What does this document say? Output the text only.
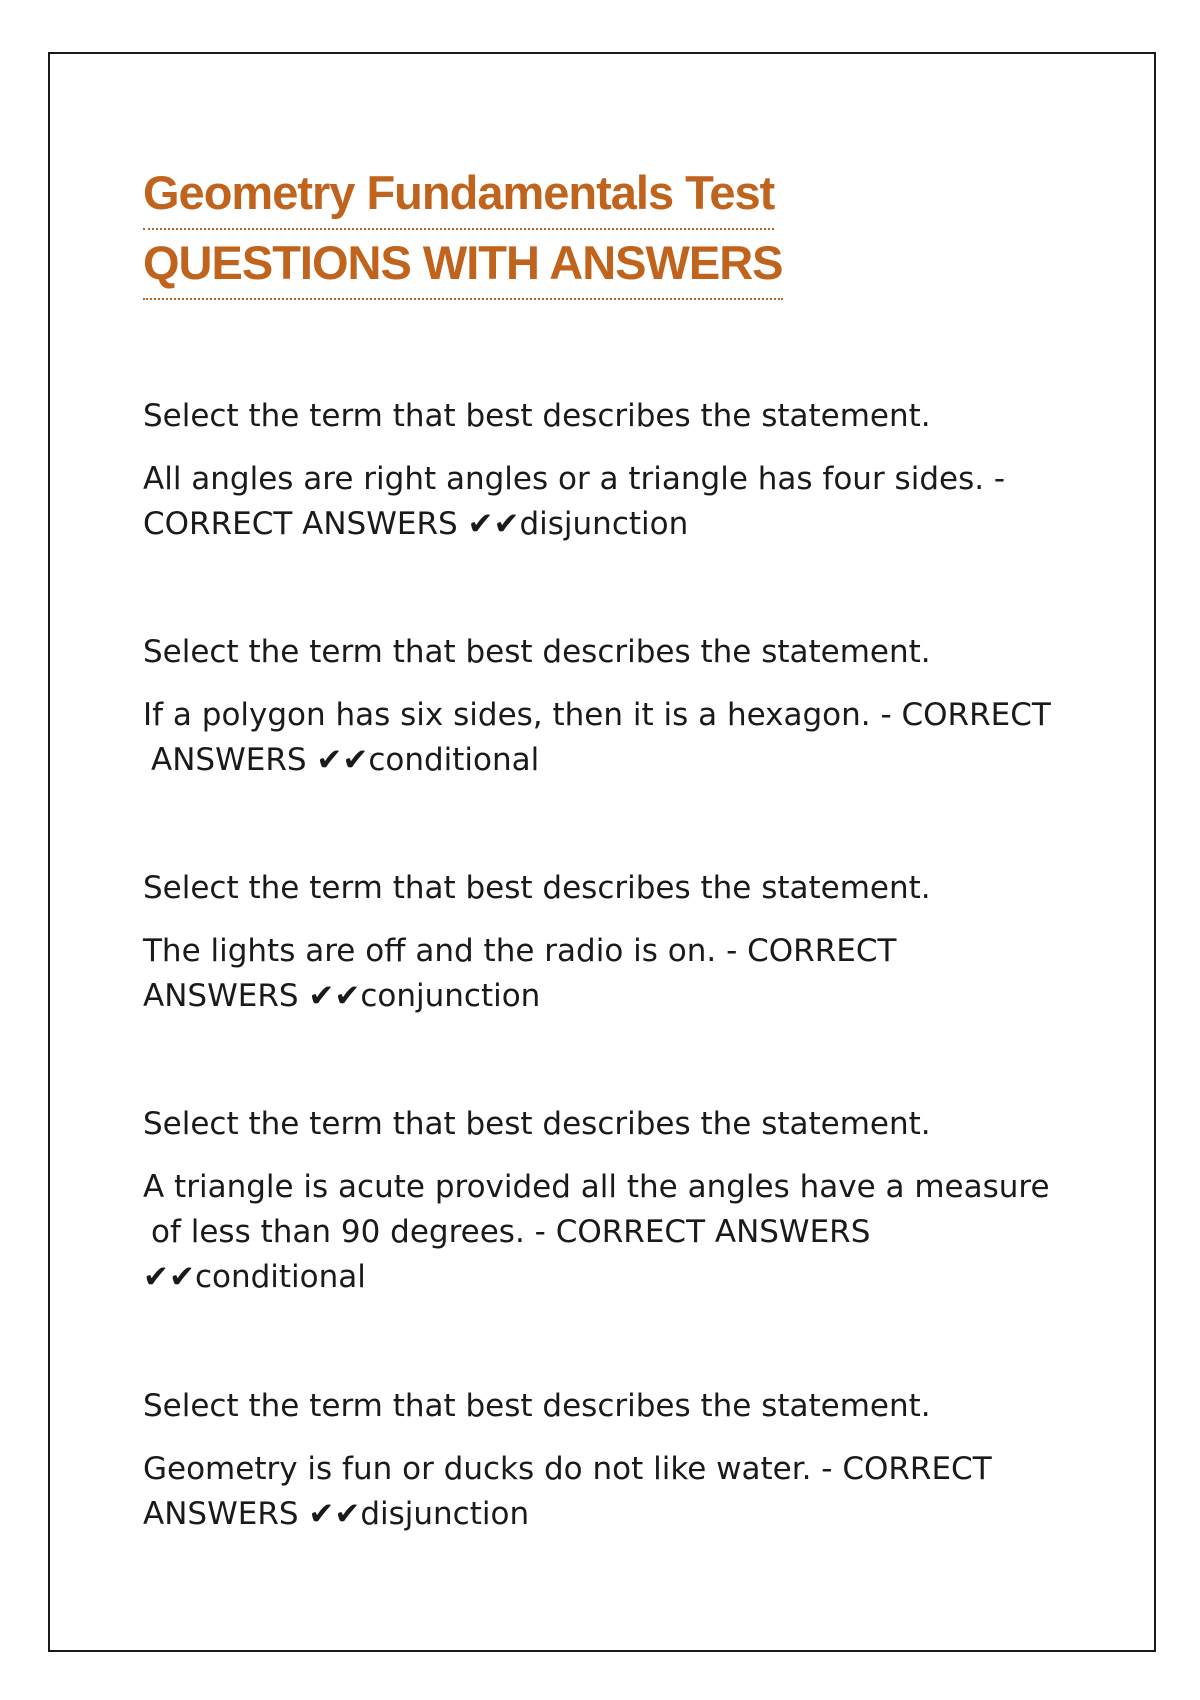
Geometry Fundamentals Test
QUESTIONS WITH ANSWERS

Select the term that best describes the statement.

All angles are right angles or a triangle has four sides. -
CORRECT ANSWERS ✔✔disjunction

Select the term that best describes the statement.

If a polygon has six sides, then it is a hexagon. - CORRECT
ANSWERS ✔✔conditional

Select the term that best describes the statement.

The lights are off and the radio is on. - CORRECT
ANSWERS ✔✔conjunction

Select the term that best describes the statement.

A triangle is acute provided all the angles have a measure
of less than 90 degrees. - CORRECT ANSWERS
✔✔conditional

Select the term that best describes the statement.

Geometry is fun or ducks do not like water. - CORRECT
ANSWERS ✔✔disjunction
